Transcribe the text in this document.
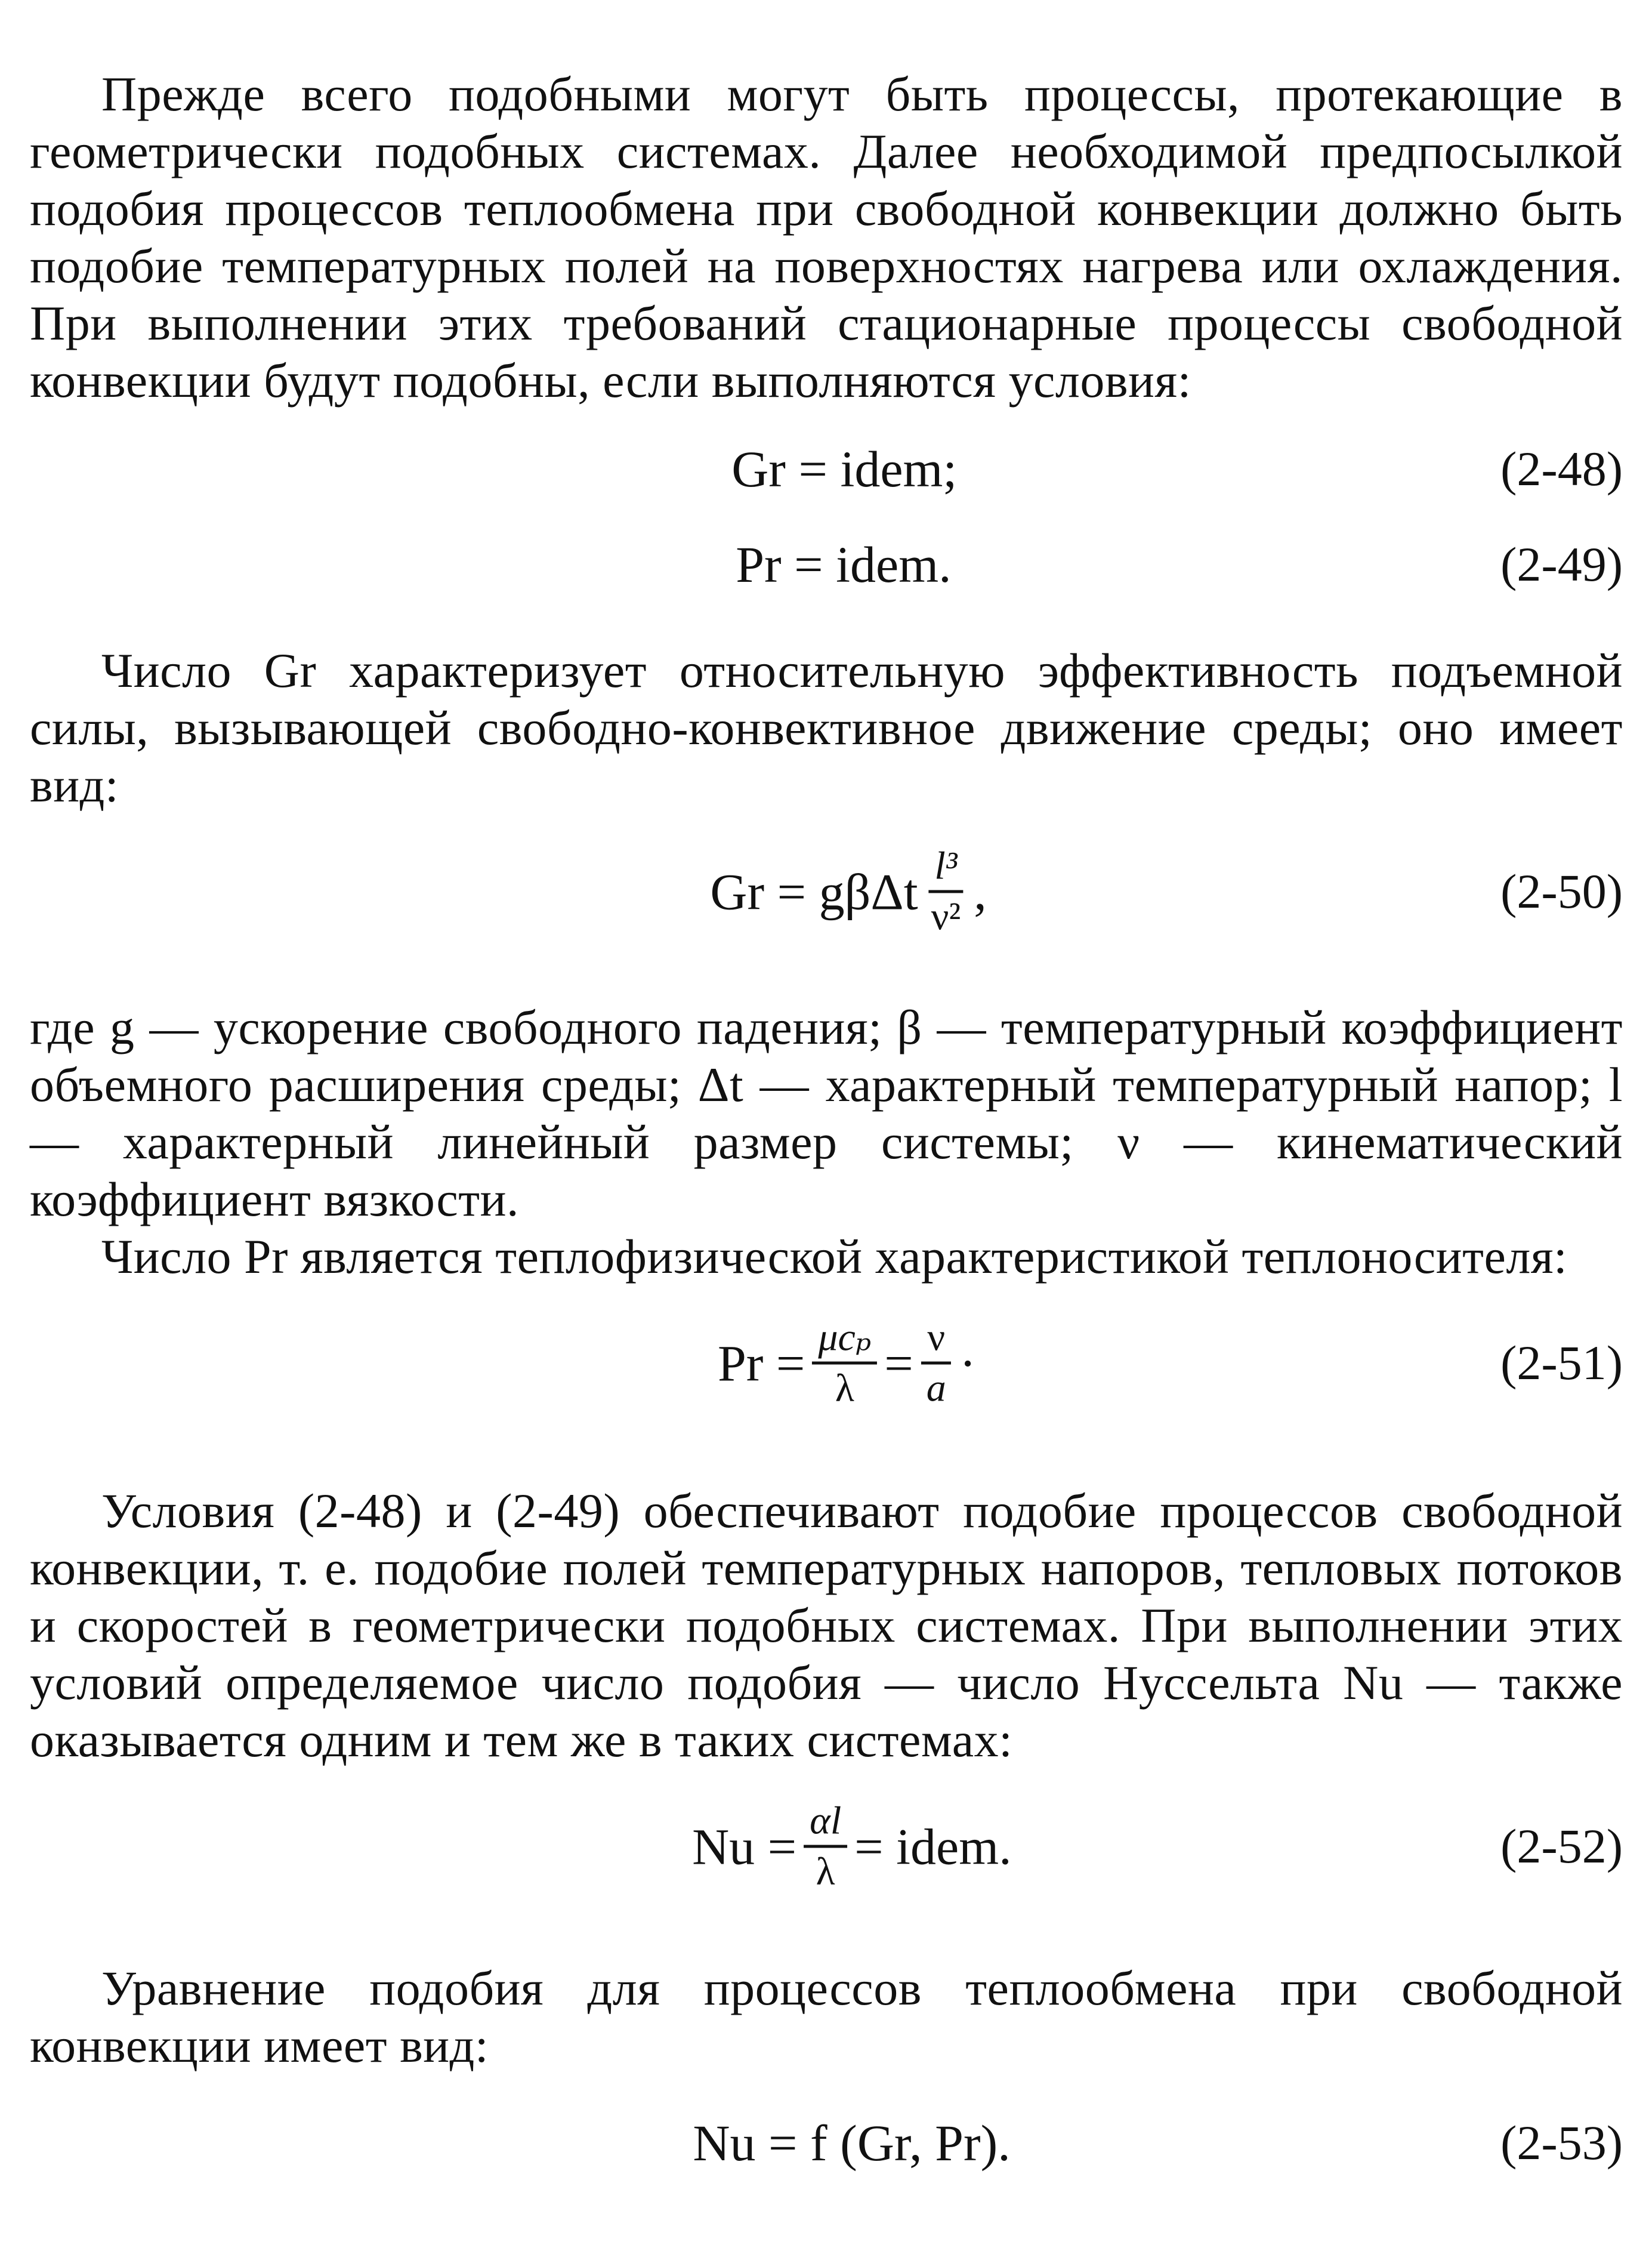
Прежде всего подобными могут быть процессы, протекающие в геометрически подобных системах. Далее необходимой предпосылкой подобия процессов теплообмена при свободной конвекции должно быть подобие температурных полей на поверхностях нагрева или охлаждения. При выполнении этих требований стационарные процессы свободной конвекции будут подобны, если выполняются условия:

Gr = idem;	(2-48)
Pr = idem.	(2-49)

Число Gr характеризует относительную эффективность подъемной силы, вызывающей свободно-конвективное движение среды; оно имеет вид:

Gr = gβΔt $\frac{\text{l³}}{\text{ν²}}$ ,	(2-50)

где g — ускорение свободного падения; β — температурный коэффициент объемного расширения среды; Δt — характерный температурный напор; l — характерный линейный размер системы; ν — кинематический коэффициент вязкости.

Число Pr является теплофизической характеристикой теплоносителя:

$Pr = \frac{\text{μcₚ}}{\lambda} = \frac{\nu}{a}$ ·	(2-51)

Условия (2-48) и (2-49) обеспечивают подобие процессов свободной конвекции, т. е. подобие полей температурных напоров, тепловых потоков и скоростей в геометрически подобных системах. При выполнении этих условий определяемое число подобия — число Нуссельта Nu — также оказывается одним и тем же в таких системах:

$Nu = \frac{\alpha l}{\lambda}$ = idem.	(2-52)

Уравнение подобия для процессов теплообмена при свободной конвекции имеет вид:

Nu = f (Gr, Pr).	(2-53)
